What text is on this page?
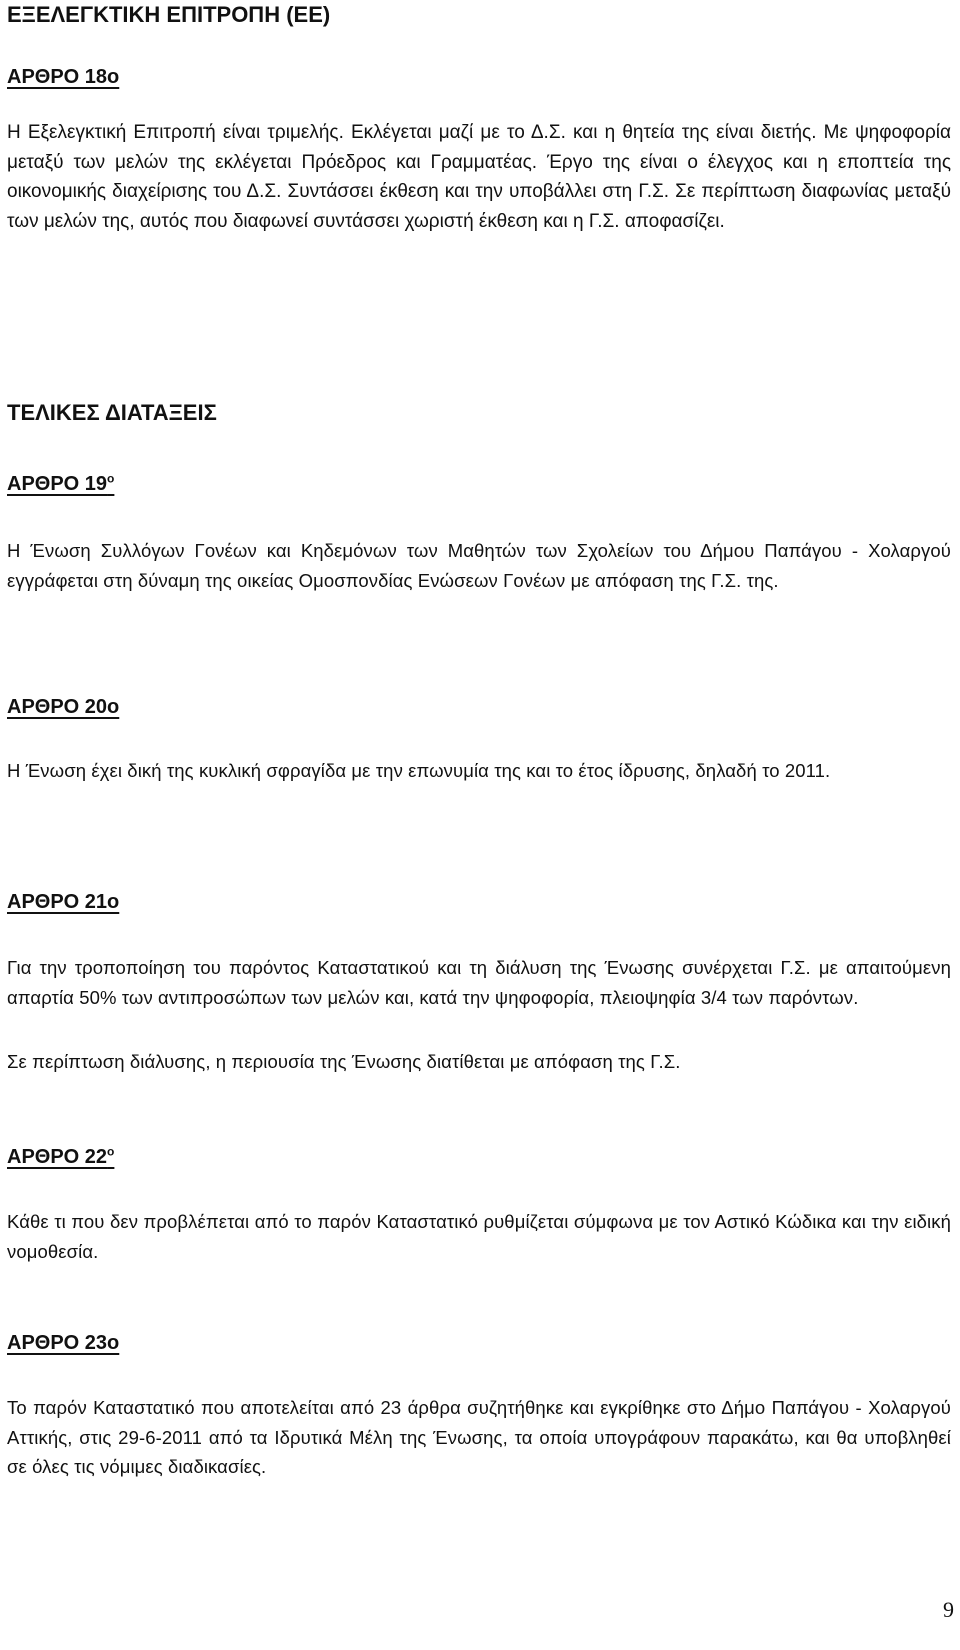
ΕΞΕΛΕΓΚΤΙΚΗ ΕΠΙΤΡΟΠΗ (ΕΕ)
ΑΡΘΡΟ 18ο
Η Εξελεγκτική Επιτροπή είναι τριμελής. Εκλέγεται μαζί με το Δ.Σ. και η θητεία της είναι διετής. Με ψηφοφορία μεταξύ των μελών της εκλέγεται Πρόεδρος και Γραμματέας. Έργο της είναι ο έλεγχος και η εποπτεία της οικονομικής διαχείρισης του Δ.Σ. Συντάσσει έκθεση και την υποβάλλει στη Γ.Σ. Σε περίπτωση διαφωνίας μεταξύ των μελών της, αυτός που διαφωνεί συντάσσει χωριστή έκθεση και η Γ.Σ. αποφασίζει.
ΤΕΛΙΚΕΣ ΔΙΑΤΑΞΕΙΣ
ΑΡΘΡΟ $19^o$
Η Ένωση Συλλόγων Γονέων και Κηδεμόνων των Μαθητών των Σχολείων του Δήμου Παπάγου - Χολαργού εγγράφεται στη δύναμη της οικείας Ομοσπονδίας Ενώσεων Γονέων με απόφαση της Γ.Σ. της.
ΑΡΘΡΟ 20ο
Η Ένωση έχει δική της κυκλική σφραγίδα με την επωνυμία της και το έτος ίδρυσης, δηλαδή το 2011.
ΑΡΘΡΟ 21ο
Για την τροποποίηση του παρόντος Καταστατικού και τη διάλυση της Ένωσης συνέρχεται Γ.Σ. με απαιτούμενη απαρτία 50% των αντιπροσώπων των μελών και, κατά την ψηφοφορία, πλειοψηφία 3/4 των παρόντων.
Σε περίπτωση διάλυσης, η περιουσία της Ένωσης διατίθεται με απόφαση της Γ.Σ.
ΑΡΘΡΟ $22^o$
Κάθε τι που δεν προβλέπεται από το παρόν Καταστατικό ρυθμίζεται σύμφωνα με τον Αστικό Κώδικα και την ειδική νομοθεσία.
ΑΡΘΡΟ 23ο
Το παρόν Καταστατικό που αποτελείται από 23 άρθρα συζητήθηκε και εγκρίθηκε στο Δήμο Παπάγου - Χολαργού Αττικής, στις 29-6-2011 από τα Ιδρυτικά Μέλη της Ένωσης, τα οποία υπογράφουν παρακάτω, και θα υποβληθεί σε όλες τις νόμιμες διαδικασίες.
9
